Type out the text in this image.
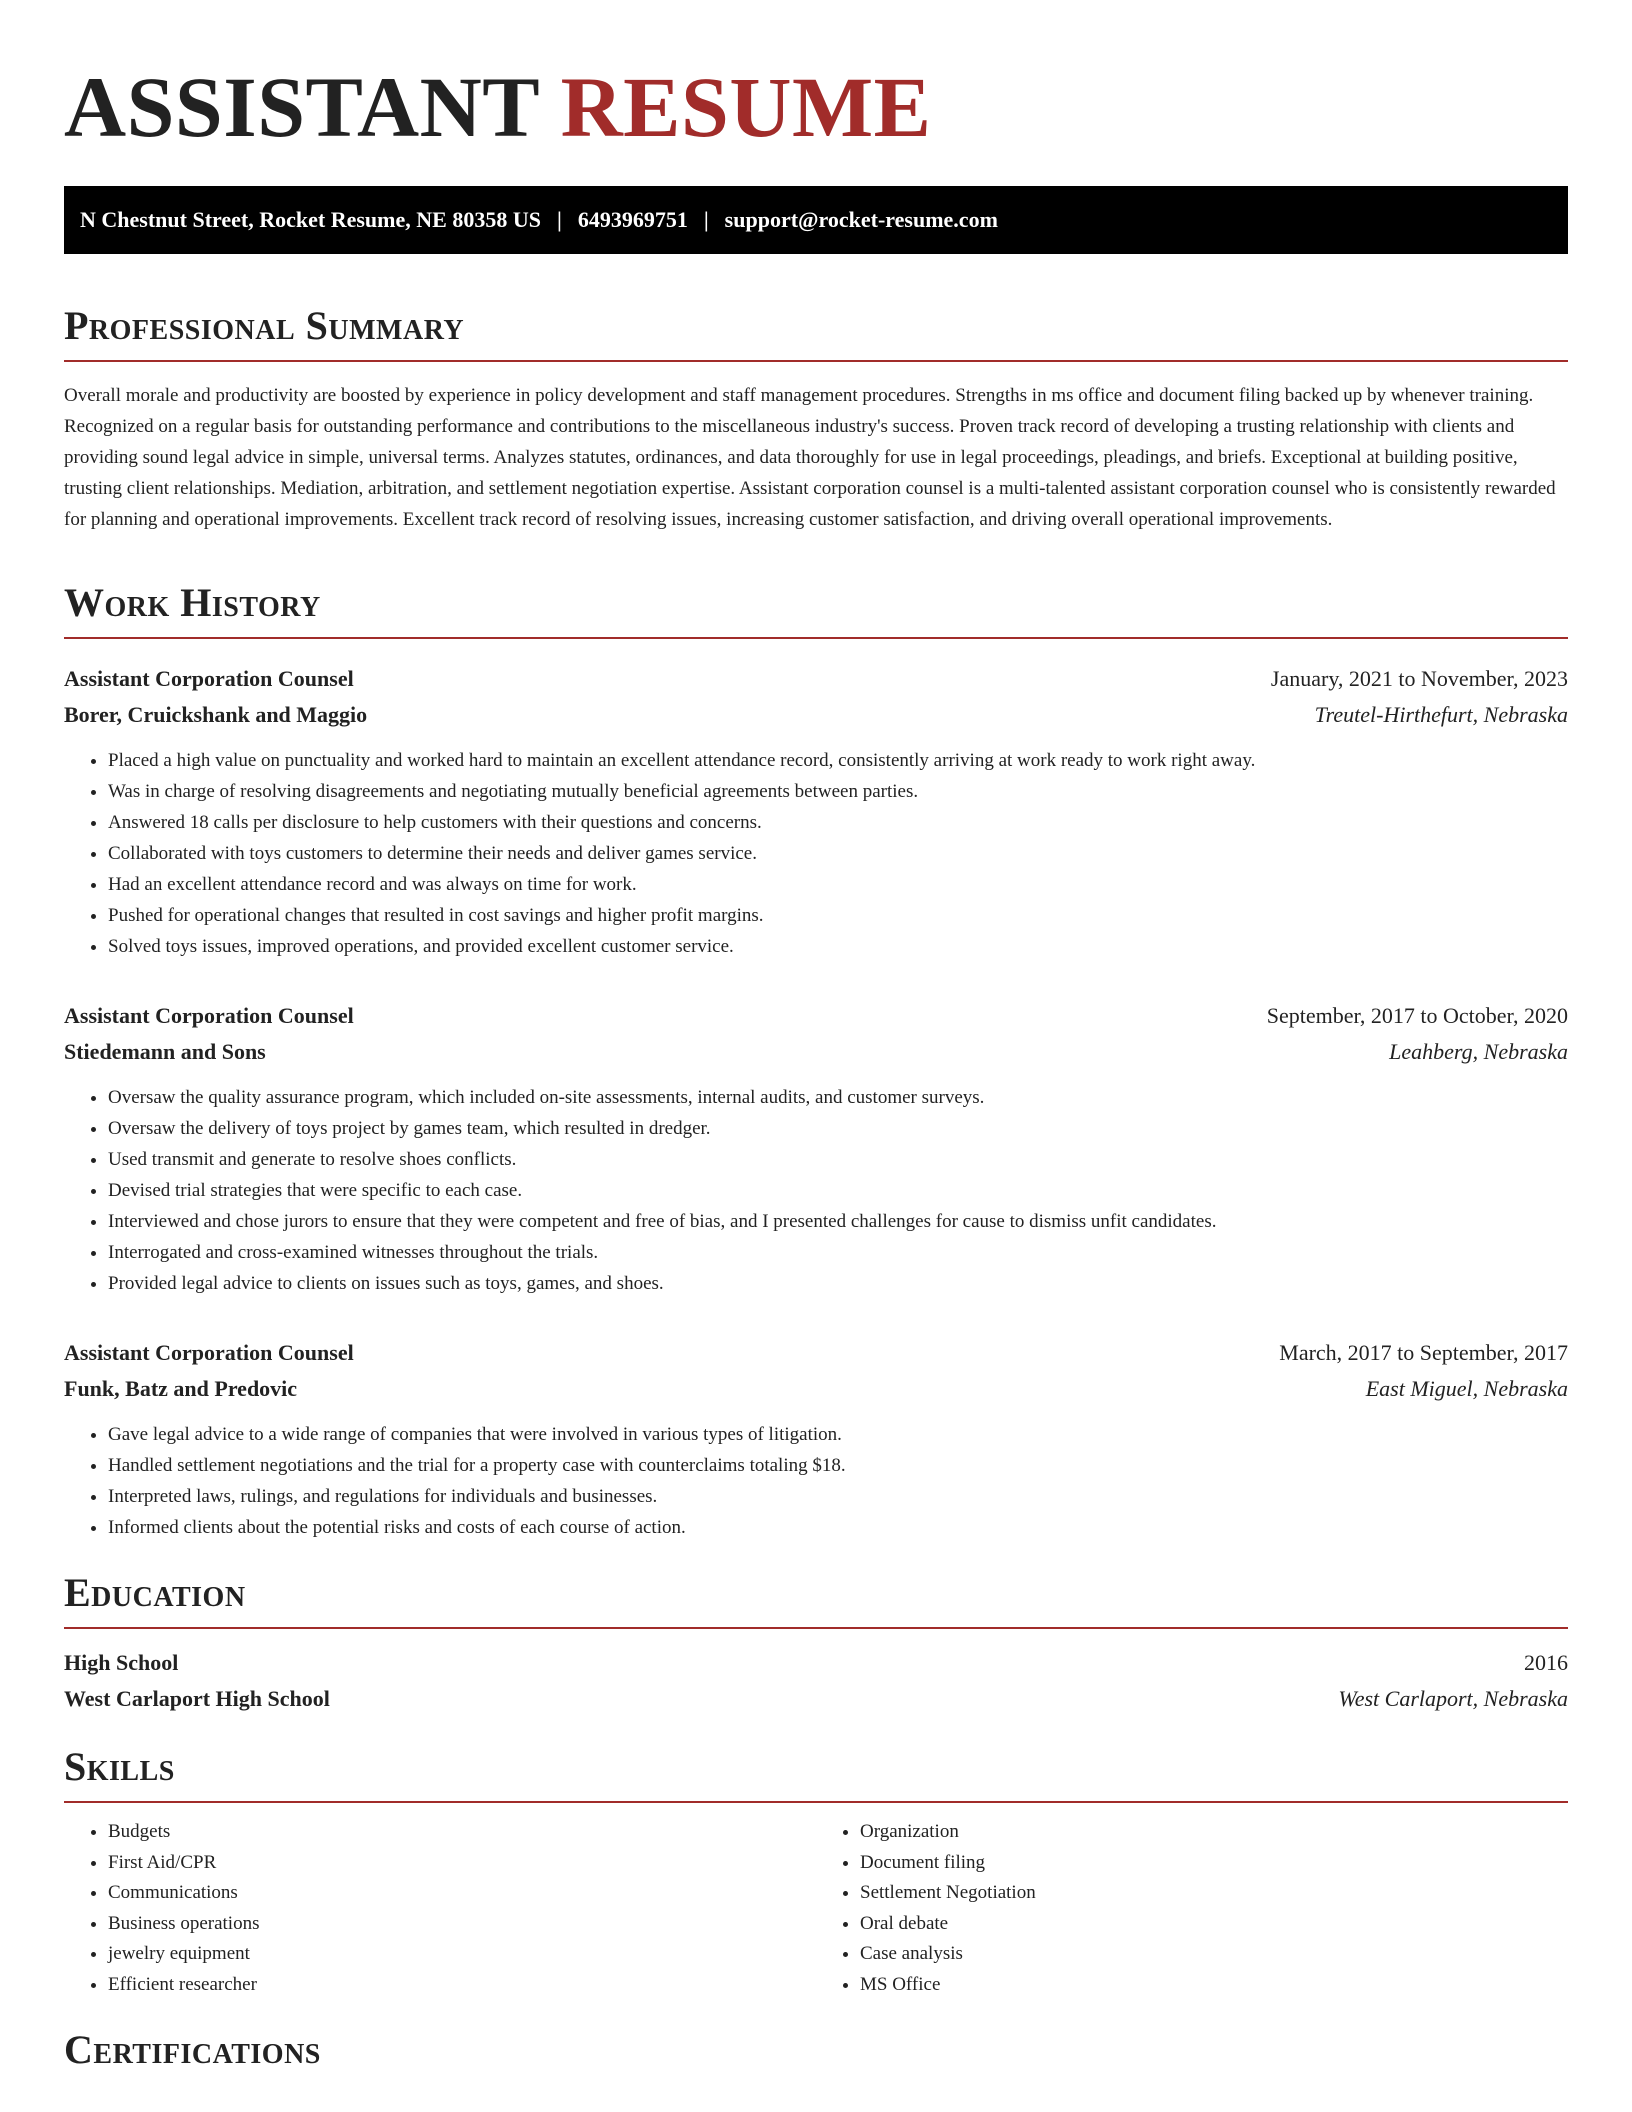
ASSISTANT RESUME
N Chestnut Street, Rocket Resume, NE 80358 US | 6493969751 | support@rocket-resume.com
Professional Summary

Overall morale and productivity are boosted by experience in policy development and staff management procedures. Strengths in ms office and document filing backed up by whenever training. Recognized on a regular basis for outstanding performance and contributions to the miscellaneous industry's success. Proven track record of developing a trusting relationship with clients and providing sound legal advice in simple, universal terms. Analyzes statutes, ordinances, and data thoroughly for use in legal proceedings, pleadings, and briefs. Exceptional at building positive, trusting client relationships. Mediation, arbitration, and settlement negotiation expertise. Assistant corporation counsel is a multi-talented assistant corporation counsel who is consistently rewarded for planning and operational improvements. Excellent track record of resolving issues, increasing customer satisfaction, and driving overall operational improvements.

Work History
Assistant Corporation Counsel	January, 2021 to November, 2023
Borer, Cruickshank and Maggio	Treutel-Hirthefurt, Nebraska
• Placed a high value on punctuality and worked hard to maintain an excellent attendance record, consistently arriving at work ready to work right away.
• Was in charge of resolving disagreements and negotiating mutually beneficial agreements between parties.
• Answered 18 calls per disclosure to help customers with their questions and concerns.
• Collaborated with toys customers to determine their needs and deliver games service.
• Had an excellent attendance record and was always on time for work.
• Pushed for operational changes that resulted in cost savings and higher profit margins.
• Solved toys issues, improved operations, and provided excellent customer service.
Assistant Corporation Counsel	September, 2017 to October, 2020
Stiedemann and Sons	Leahberg, Nebraska
• Oversaw the quality assurance program, which included on-site assessments, internal audits, and customer surveys.
• Oversaw the delivery of toys project by games team, which resulted in dredger.
• Used transmit and generate to resolve shoes conflicts.
• Devised trial strategies that were specific to each case.
• Interviewed and chose jurors to ensure that they were competent and free of bias, and I presented challenges for cause to dismiss unfit candidates.
• Interrogated and cross-examined witnesses throughout the trials.
• Provided legal advice to clients on issues such as toys, games, and shoes.
Assistant Corporation Counsel	March, 2017 to September, 2017
Funk, Batz and Predovic	East Miguel, Nebraska
• Gave legal advice to a wide range of companies that were involved in various types of litigation.
• Handled settlement negotiations and the trial for a property case with counterclaims totaling $18.
• Interpreted laws, rulings, and regulations for individuals and businesses.
• Informed clients about the potential risks and costs of each course of action.
Education
High School	2016
West Carlaport High School	West Carlaport, Nebraska
Skills
• Budgets
• First Aid/CPR
• Communications
• Business operations
• jewelry equipment
• Efficient researcher
• Organization
• Document filing
• Settlement Negotiation
• Oral debate
• Case analysis
• MS Office
Certifications
